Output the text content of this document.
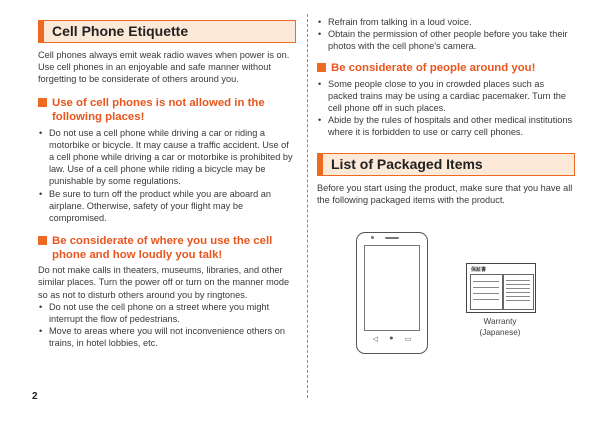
Cell Phone Etiquette

Cell phones always emit weak radio waves when power is on. Use cell phones in an enjoyable and safe manner without forgetting to be considerate of others around you.

Use of cell phones is not allowed in the following places!
• Do not use a cell phone while driving a car or riding a motorbike or bicycle. It may cause a traffic accident. Use of a cell phone while driving a car or motorbike is prohibited by law. Use of a cell phone while riding a bicycle may be punishable by some regulations.
• Be sure to turn off the product while you are aboard an airplane. Otherwise, safety of your flight may be compromised.
Be considerate of where you use the cell phone and how loudly you talk!

Do not make calls in theaters, museums, libraries, and other similar places. Turn the power off or turn on the manner mode so as not to disturb others around you by ringtones.

• Do not use the cell phone on a street where you might interrupt the flow of pedestrians.
• Move to areas where you will not inconvenience others on trains, in hotel lobbies, etc.
• Refrain from talking in a loud voice.
• Obtain the permission of other people before you take their photos with the cell phone's camera.
Be considerate of people around you!
• Some people close to you in crowded places such as packed trains may be using a cardiac pacemaker. Turn the cell phone off in such places.
• Abide by the rules of hospitals and other medical institutions where it is forbidden to use or carry cell phones.
List of Packaged Items

Before you start using the product, make sure that you have all the following packaged items with the product.

◁ ● ▭
保証書
Warranty (Japanese)
2
